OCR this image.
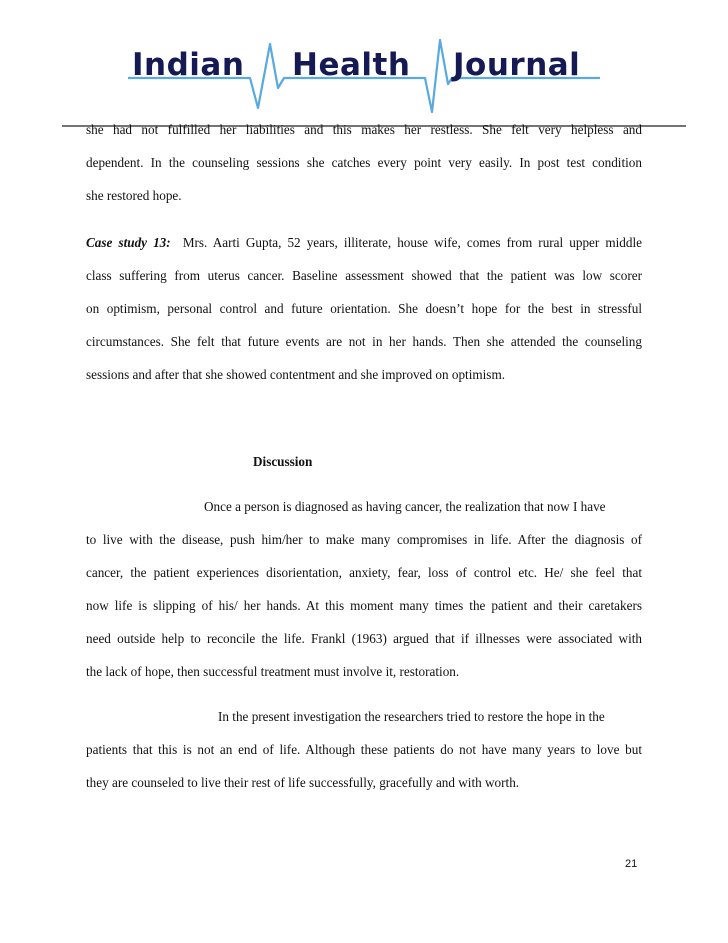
Indian Health Journal
she had not fulfilled her liabilities and this makes her restless. She felt very helpless and
dependent. In the counseling sessions she catches every point very easily. In post test condition
she restored hope.
Case study 13: Mrs. Aarti Gupta, 52 years, illiterate, house wife, comes from rural upper middle
class suffering from uterus cancer. Baseline assessment showed that the patient was low scorer
on optimism, personal control and future orientation. She doesn’t hope for the best in stressful
circumstances. She felt that future events are not in her hands. Then she attended the counseling
sessions and after that she showed contentment and she improved on optimism.
Discussion
Once a person is diagnosed as having cancer, the realization that now I have
to live with the disease, push him/her to make many compromises in life. After the diagnosis of
cancer, the patient experiences disorientation, anxiety, fear, loss of control etc. He/ she feel that
now life is slipping of his/ her hands. At this moment many times the patient and their caretakers
need outside help to reconcile the life. Frankl (1963) argued that if illnesses were associated with
the lack of hope, then successful treatment must involve it, restoration.
In the present investigation the researchers tried to restore the hope in the
patients that this is not an end of life. Although these patients do not have many years to love but
they are counseled to live their rest of life successfully, gracefully and with worth.
21
